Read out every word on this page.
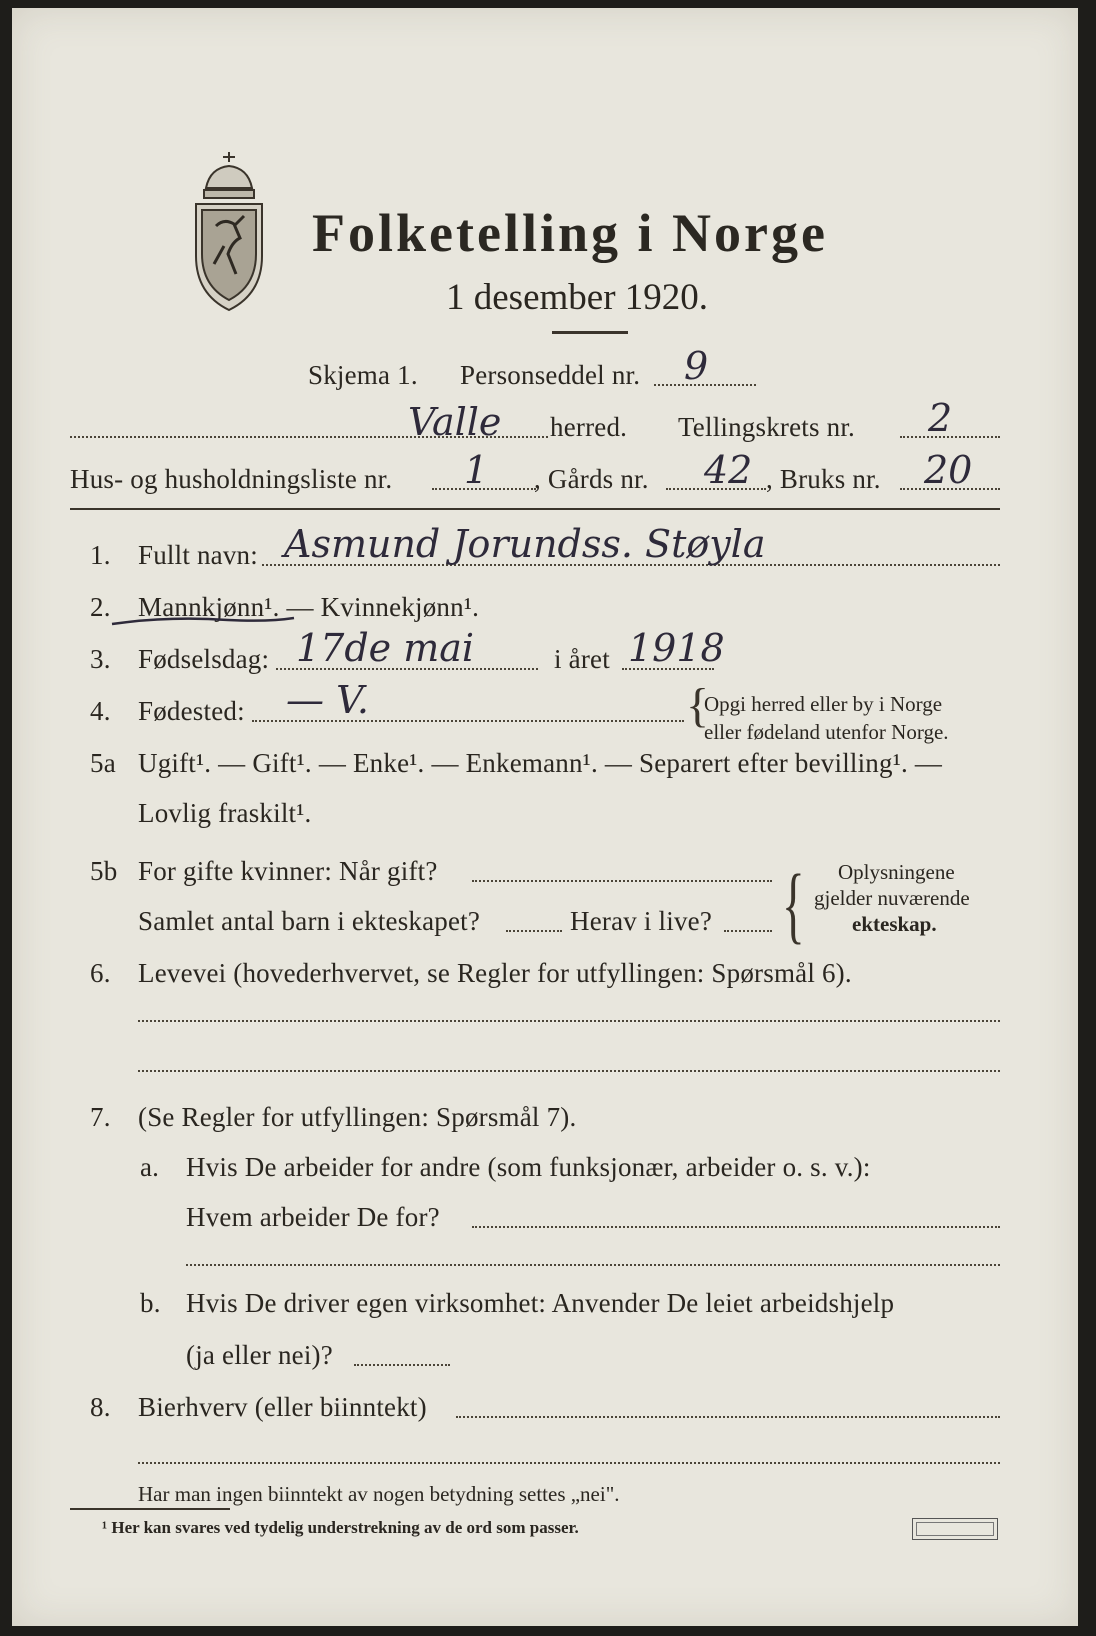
Folketelling i Norge
1 desember 1920.
Skjema 1. Personseddel nr. 9
Valle herred. Tellingskrets nr. 2
Hus- og husholdningsliste nr. 1 , Gårds nr. 42 , Bruks nr. 20
1. Fullt navn: Asmund Jorundss. Støyla
2. Mannkjønn¹. — Kvinnekjønn¹.
3. Fødselsdag: 17de mai	i året 1918
4. Fødested: — V.	{
Opgi herred eller by i Norge
eller fødeland utenfor Norge.
5a Ugift¹. — Gift¹. — Enke¹. — Enkemann¹. — Separert efter bevilling¹. —
Lovlig fraskilt¹.
5b For gifte kvinner: Når gift?
Samlet antal barn i ekteskapet?	Herav i live? { Oplysningene
gjelder nuværende
ekteskap.
6. Levevei (hovederhvervet, se Regler for utfyllingen: Spørsmål 6).
7. (Se Regler for utfyllingen: Spørsmål 7).
a. Hvis De arbeider for andre (som funksjonær, arbeider o. s. v.):
Hvem arbeider De for?
b. Hvis De driver egen virksomhet: Anvender De leiet arbeidshjelp
(ja eller nei)?
8. Bierhverv (eller biinntekt)
Har man ingen biinntekt av nogen betydning settes „nei".
¹ Her kan svares ved tydelig understrekning av de ord som passer.
